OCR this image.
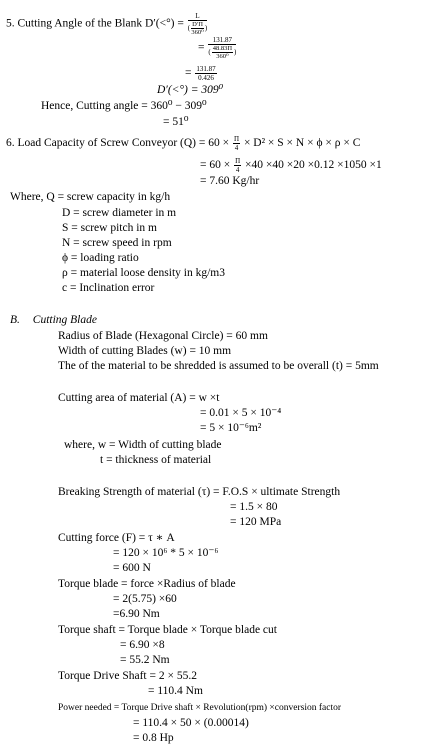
5. Cutting Angle of the Blank $D'(<^\circ) = \frac{L}{( \frac{D'\Pi}{\text{360⁰}} )}$
= $\frac{131.87}{( \frac{48.83\Pi}{\text{360⁰}} )}$
= $\frac{131.87}{0.426}$
D′(<°) = 309⁰
Hence, Cutting angle = 360⁰ − 309⁰
= 51⁰
6. Load Capacity of Screw Conveyor $(Q) = 60 \times \frac{\Pi}{4} \times D^2 \times S \times N \times \phi \times \rho \times C$
= $60 \times \frac{\Pi}{4} \times 40 \times 40 \times 20 \times 0.12 \times 1050 \times 1$
= 7.60 Kg/hr
Where, Q = screw capacity in kg/h
D = screw diameter in m
S = screw pitch in m
N = screw speed in rpm
ϕ = loading ratio
ρ = material loose density in kg/m3
c = Inclination error
B. Cutting Blade
Radius of Blade (Hexagonal Circle) = 60 mm
Width of cutting Blades (w) = 10 mm
The of the material to be shredded is assumed to be overall (t) = 5mm
Cutting area of material (A) = w ×t
= 0.01 × 5 × 10⁻⁴
= 5 × 10⁻⁶m²
where, w = Width of cutting blade
t = thickness of material
Breaking Strength of material (τ) = F.O.S × ultimate Strength
= 1.5 × 80
= 120 MPa
Cutting force (F) = τ ∗ A
= 120 × 10⁶ * 5 × 10⁻⁶
= 600 N
Torque blade = force ×Radius of blade
= 2(5.75) ×60
=6.90 Nm
Torque shaft = Torque blade × Torque blade cut
= 6.90 ×8
= 55.2 Nm
Torque Drive Shaft = 2 × 55.2
= 110.4 Nm
Power needed = Torque Drive shaft × Revolution(rpm) ×conversion factor
= 110.4 × 50 × (0.00014)
= 0.8 Hp
